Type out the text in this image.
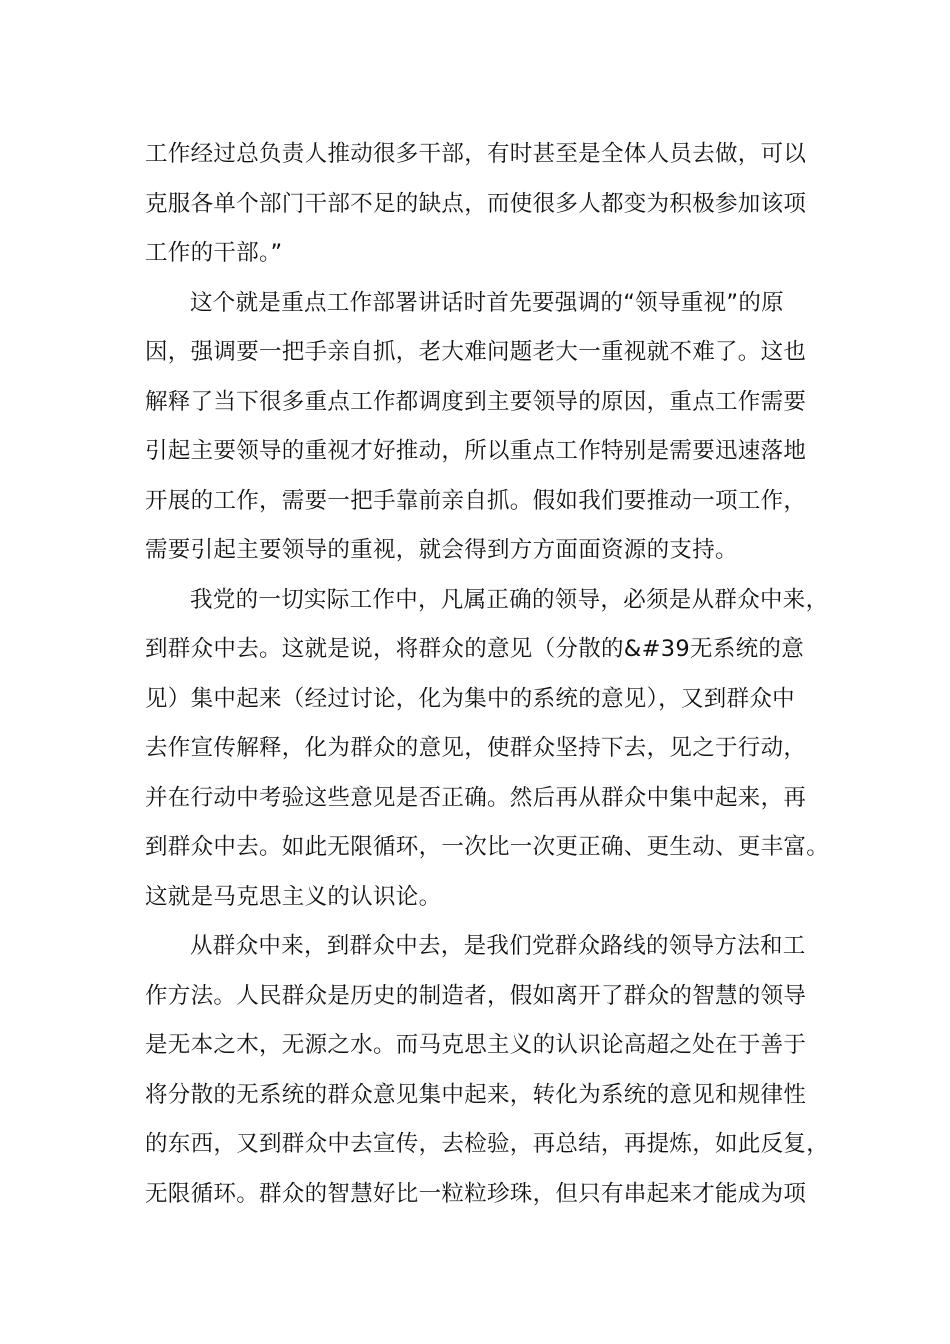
工作经过总负责人推动很多干部，有时甚至是全体人员去做，可以
克服各单个部门干部不足的缺点，而使很多人都变为积极参加该项
工作的干部。”
这个就是重点工作部署讲话时首先要强调的“领导重视”的原
因，强调要一把手亲自抓，老大难问题老大一重视就不难了。这也
解释了当下很多重点工作都调度到主要领导的原因，重点工作需要
引起主要领导的重视才好推动，所以重点工作特别是需要迅速落地
开展的工作，需要一把手靠前亲自抓。假如我们要推动一项工作，
需要引起主要领导的重视，就会得到方方面面资源的支持。
我党的一切实际工作中，凡属正确的领导，必须是从群众中来，
到群众中去。这就是说，将群众的意见（分散的&#39无系统的意
见）集中起来（经过讨论，化为集中的系统的意见），又到群众中
去作宣传解释，化为群众的意见，使群众坚持下去，见之于行动，
并在行动中考验这些意见是否正确。然后再从群众中集中起来，再
到群众中去。如此无限循环，一次比一次更正确、更生动、更丰富。
这就是马克思主义的认识论。
从群众中来，到群众中去，是我们党群众路线的领导方法和工
作方法。人民群众是历史的制造者，假如离开了群众的智慧的领导
是无本之木，无源之水。而马克思主义的认识论高超之处在于善于
将分散的无系统的群众意见集中起来，转化为系统的意见和规律性
的东西，又到群众中去宣传，去检验，再总结，再提炼，如此反复，
无限循环。群众的智慧好比一粒粒珍珠，但只有串起来才能成为项
